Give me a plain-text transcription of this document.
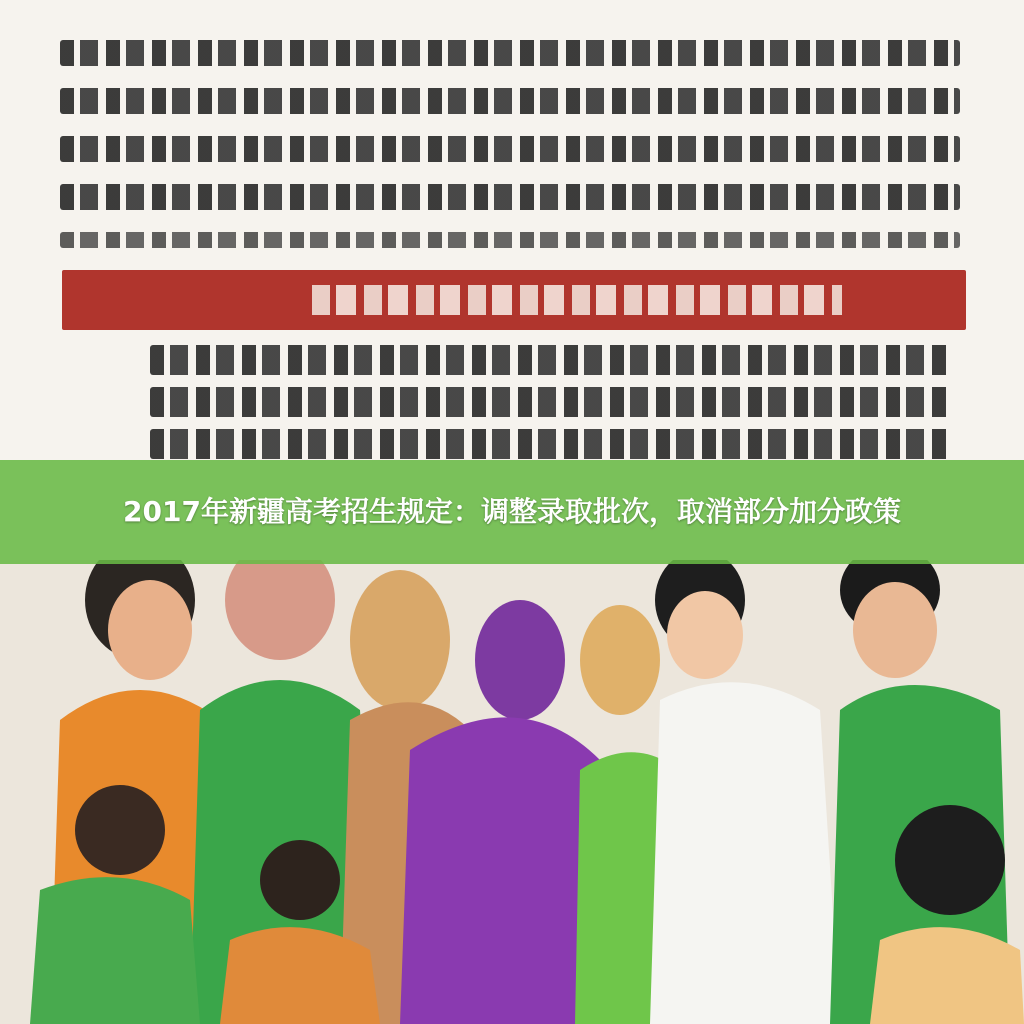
2017年新疆高考招生规定：调整录取批次，取消部分加分政策
